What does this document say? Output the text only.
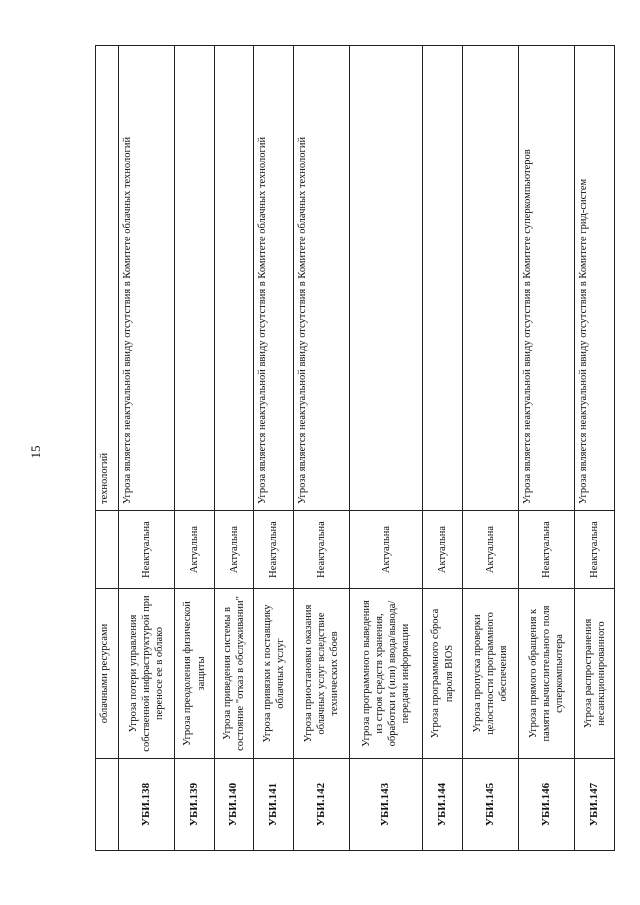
15
	облачными ресурсами		технологий
УБИ.138	Угроза потери управления собственной инфраструктурой при переносе ее в облако	Неактуальна	Угроза является неактуальной ввиду отсутствия в Комитете облачных технологий
УБИ.139	Угроза преодоления физической защиты	Актуальна	
УБИ.140	Угроза приведения системы в состояние "отказ в обслуживании"	Актуальна	
УБИ.141	Угроза привязки к поставщику облачных услуг	Неактуальна	Угроза является неактуальной ввиду отсутствия в Комитете облачных технологий
УБИ.142	Угроза приостановки оказания облачных услуг вследствие технических сбоев	Неактуальна	Угроза является неактуальной ввиду отсутствия в Комитете облачных технологий
УБИ.143	Угроза программного выведения из строя средств хранения, обработки и (или) ввода/вывода/передачи информации	Актуальна	
УБИ.144	Угроза программного сброса пароля BIOS	Актуальна	
УБИ.145	Угроза пропуска проверки целостности программного обеспечения	Актуальна	
УБИ.146	Угроза прямого обращения к памяти вычислительного поля суперкомпьютера	Неактуальна	Угроза является неактуальной ввиду отсутствия в Комитете суперкомпьютеров
УБИ.147	Угроза распространения несанкционированного	Неактуальна	Угроза является неактуальной ввиду отсутствия в Комитете грид-систем
